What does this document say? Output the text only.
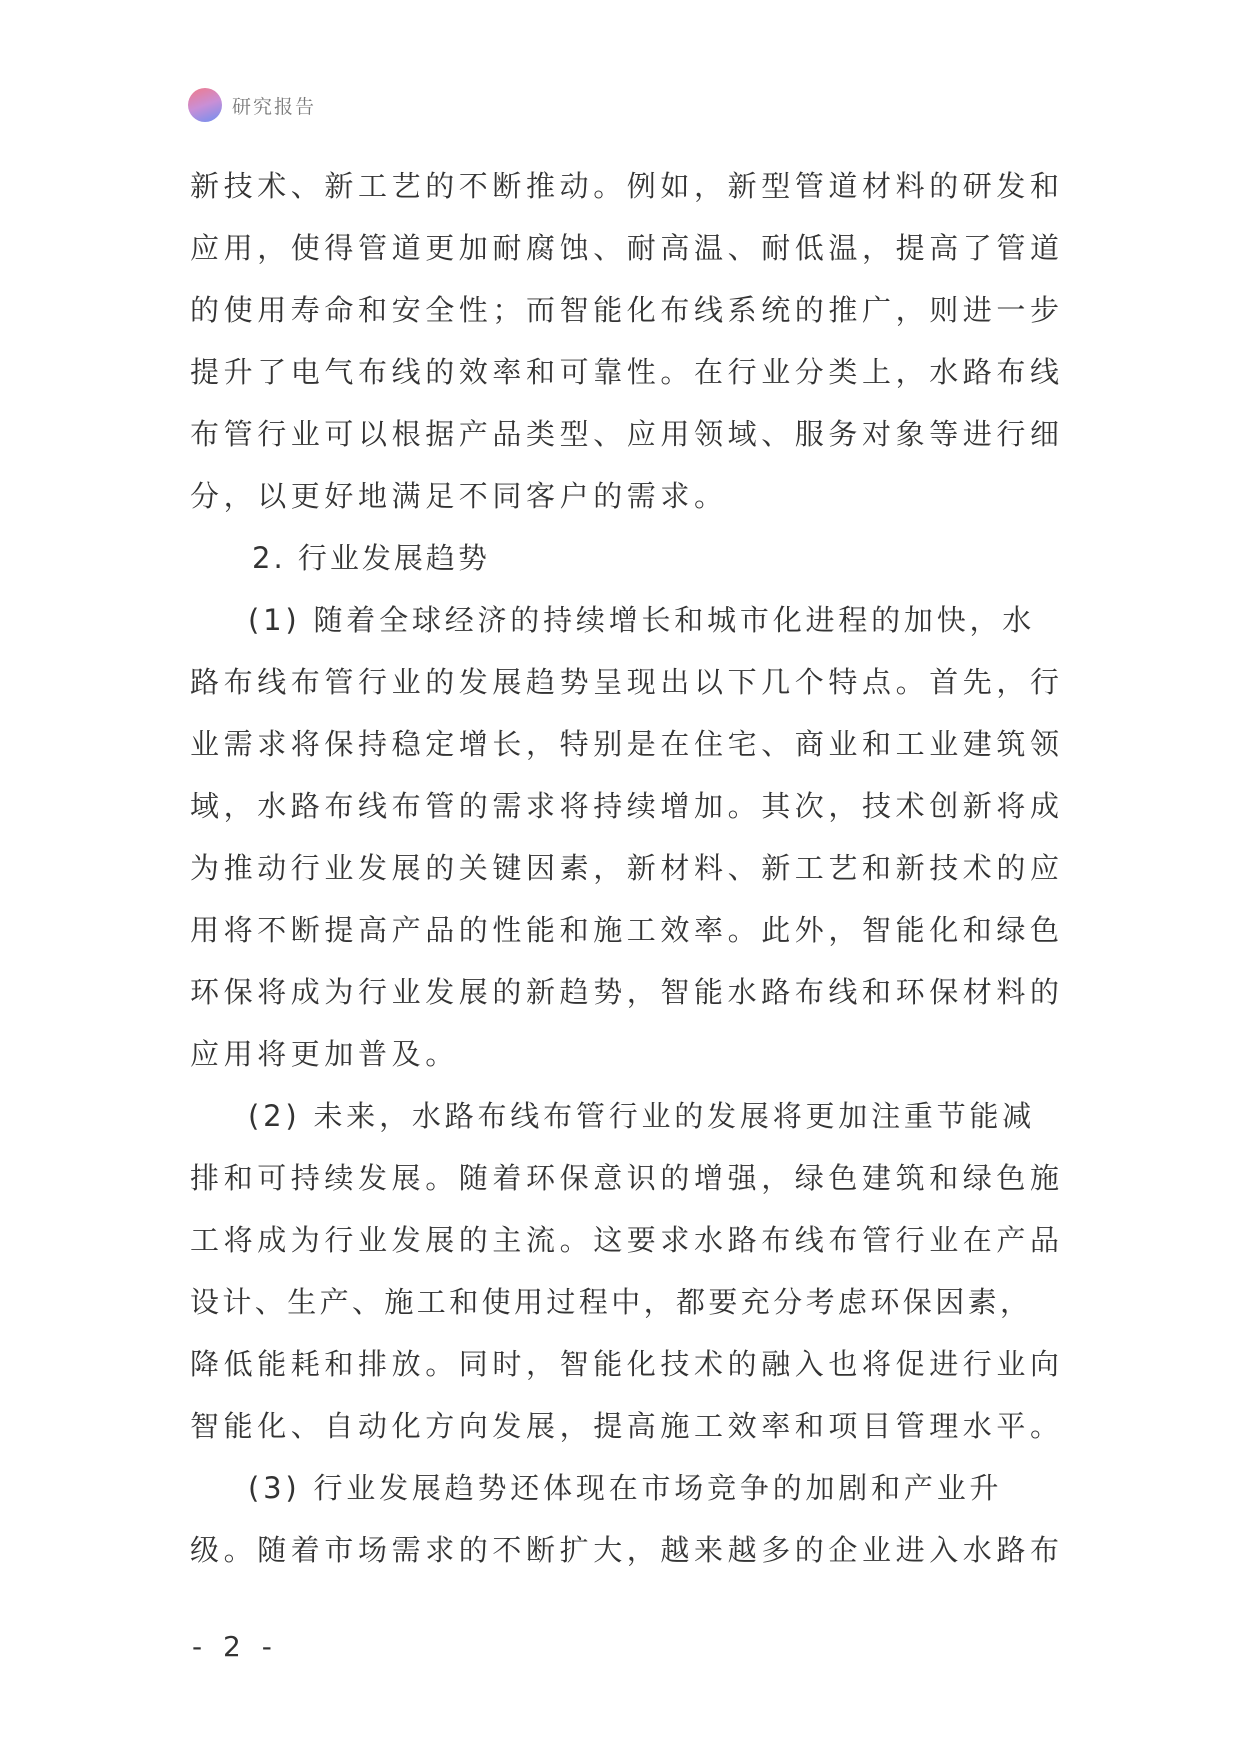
研究报告
新技术、新工艺的不断推动。例如，新型管道材料的研发和
应用，使得管道更加耐腐蚀、耐高温、耐低温，提高了管道
的使用寿命和安全性；而智能化布线系统的推广，则进一步
提升了电气布线的效率和可靠性。在行业分类上，水路布线
布管行业可以根据产品类型、应用领域、服务对象等进行细
分，以更好地满足不同客户的需求。
2. 行业发展趋势
(1) 随着全球经济的持续增长和城市化进程的加快，水
路布线布管行业的发展趋势呈现出以下几个特点。首先，行
业需求将保持稳定增长，特别是在住宅、商业和工业建筑领
域，水路布线布管的需求将持续增加。其次，技术创新将成
为推动行业发展的关键因素，新材料、新工艺和新技术的应
用将不断提高产品的性能和施工效率。此外，智能化和绿色
环保将成为行业发展的新趋势，智能水路布线和环保材料的
应用将更加普及。
(2) 未来，水路布线布管行业的发展将更加注重节能减
排和可持续发展。随着环保意识的增强，绿色建筑和绿色施
工将成为行业发展的主流。这要求水路布线布管行业在产品
设计、生产、施工和使用过程中，都要充分考虑环保因素，
降低能耗和排放。同时，智能化技术的融入也将促进行业向
智能化、自动化方向发展，提高施工效率和项目管理水平。
(3) 行业发展趋势还体现在市场竞争的加剧和产业升
级。随着市场需求的不断扩大，越来越多的企业进入水路布
- 2 -
